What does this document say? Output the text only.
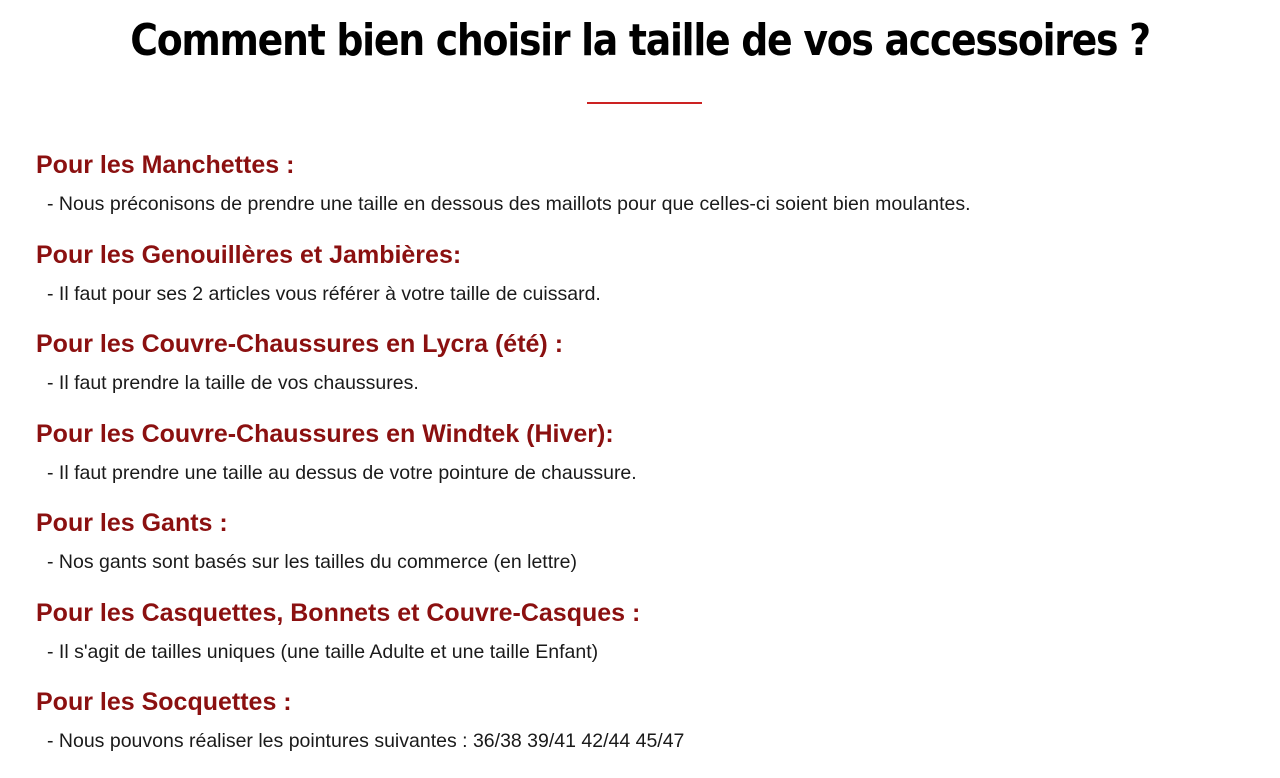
Comment bien choisir la taille de vos accessoires ?
Pour les Manchettes :

- Nous préconisons de prendre une taille en dessous des maillots pour que celles-ci soient bien moulantes.

Pour les Genouillères et Jambières:

- Il faut pour ses 2 articles vous référer à votre taille de cuissard.

Pour les Couvre-Chaussures en Lycra (été) :

- Il faut prendre la taille de vos chaussures.

Pour les Couvre-Chaussures en Windtek (Hiver):

- Il faut prendre une taille au dessus de votre pointure de chaussure.

Pour les Gants :

- Nos gants sont basés sur les tailles du commerce (en lettre)

Pour les Casquettes, Bonnets et Couvre-Casques :

- Il s'agit de tailles uniques (une taille Adulte et une taille Enfant)

Pour les Socquettes :

- Nous pouvons réaliser les pointures suivantes : 36/38 39/41 42/44 45/47
